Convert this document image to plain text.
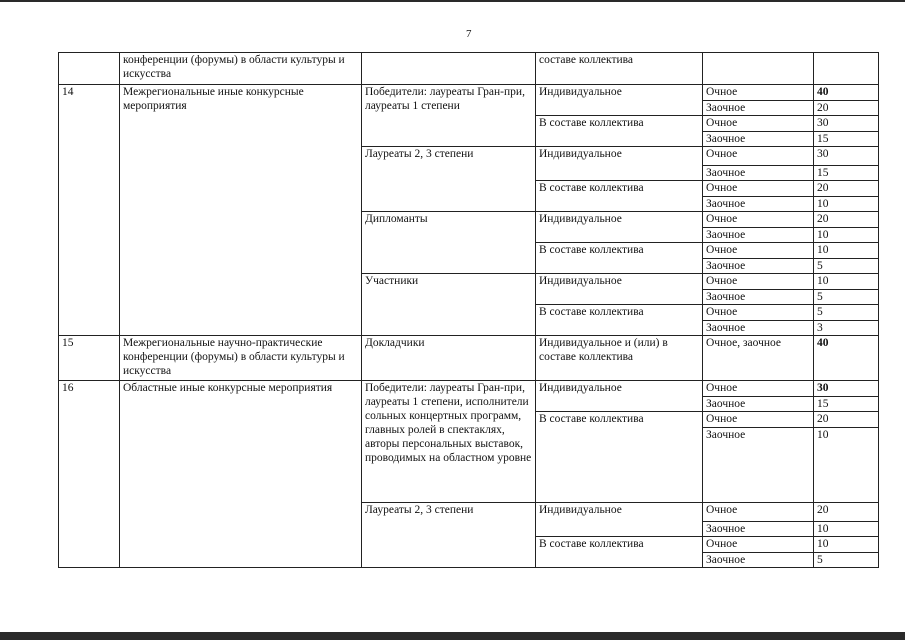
7
	конференции (форумы) в области культуры и искусства		составе коллектива		
14	Межрегиональные иные конкурсные мероприятия	Победители: лауреаты Гран-при, лауреаты 1 степени	Индивидуальное	Очное	40
				Заочное	20
			В составе коллектива	Очное	30
				Заочное	15
		Лауреаты 2, 3 степени	Индивидуальное	Очное	30
				Заочное	15
			В составе коллектива	Очное	20
				Заочное	10
		Дипломанты	Индивидуальное	Очное	20
				Заочное	10
			В составе коллектива	Очное	10
				Заочное	5
		Участники	Индивидуальное	Очное	10
				Заочное	5
			В составе коллектива	Очное	5
				Заочное	3
15	Межрегиональные научно-практические конференции (форумы) в области культуры и искусства	Докладчики	Индивидуальное и (или) в составе коллектива	Очное, заочное	40
16	Областные иные конкурсные мероприятия	Победители: лауреаты Гран-при, лауреаты 1 степени, исполнители сольных концертных программ, главных ролей в спектаклях, авторы персональных выставок, проводимых на областном уровне	Индивидуальное	Очное	30
				Заочное	15
			В составе коллектива	Очное	20
				Заочное	10
		Лауреаты 2, 3 степени	Индивидуальное	Очное	20
				Заочное	10
			В составе коллектива	Очное	10
				Заочное	5
